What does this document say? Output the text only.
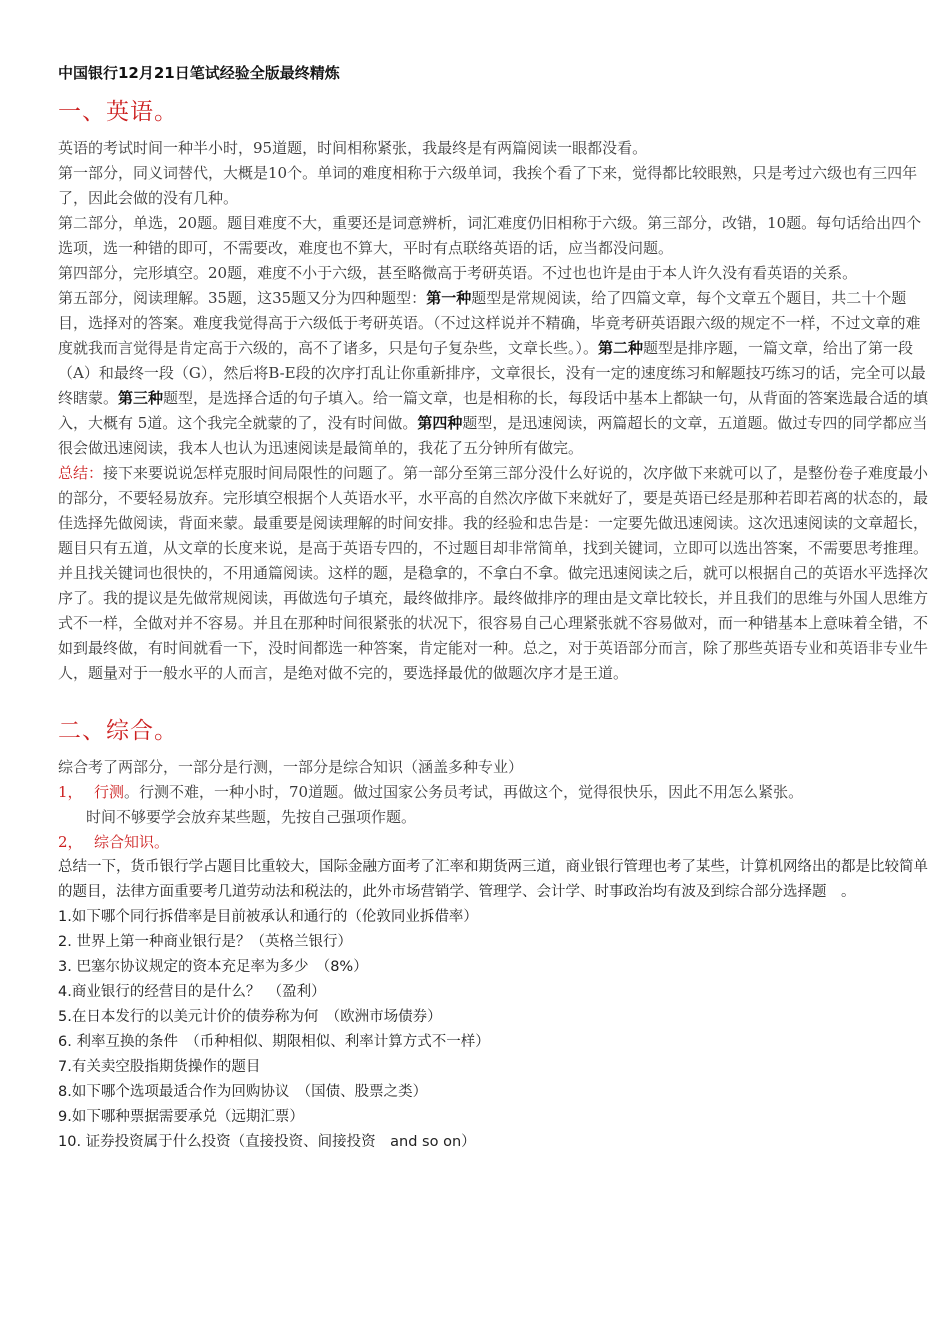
中国银行12月21日笔试经验全版最终精炼
一、英语。

英语的考试时间一种半小时，95道题，时间相称紧张，我最终是有两篇阅读一眼都没看。

第一部分，同义词替代，大概是10个。单词的难度相称于六级单词，我挨个看了下来，觉得都比较眼熟，只是考过六级也有三四年了，因此会做的没有几种。

第二部分，单选，20题。题目难度不大，重要还是词意辨析，词汇难度仍旧相称于六级。第三部分，改错，10题。每句话给出四个选项，选一种错的即可，不需要改，难度也不算大，平时有点联络英语的话，应当都没问题。

第四部分，完形填空。20题，难度不小于六级，甚至略微高于考研英语。不过也也许是由于本人许久没有看英语的关系。

第五部分，阅读理解。35题，这35题又分为四种题型：第一种题型是常规阅读，给了四篇文章，每个文章五个题目，共二十个题目，选择对的答案。难度我觉得高于六级低于考研英语。（不过这样说并不精确，毕竟考研英语跟六级的规定不一样，不过文章的难度就我而言觉得是肯定高于六级的，高不了诸多，只是句子复杂些，文章长些。）。第二种题型是排序题，一篇文章，给出了第一段（A）和最终一段（G），然后将B-E段的次序打乱让你重新排序，文章很长，没有一定的速度练习和解题技巧练习的话，完全可以最终瞎蒙。第三种题型，是选择合适的句子填入。给一篇文章，也是相称的长，每段话中基本上都缺一句，从背面的答案选最合适的填入，大概有 5道。这个我完全就蒙的了，没有时间做。第四种题型，是迅速阅读，两篇超长的文章，五道题。做过专四的同学都应当很会做迅速阅读，我本人也认为迅速阅读是最简单的，我花了五分钟所有做完。

总结：接下来要说说怎样克服时间局限性的问题了。第一部分至第三部分没什么好说的，次序做下来就可以了，是整份卷子难度最小的部分，不要轻易放弃。完形填空根据个人英语水平，水平高的自然次序做下来就好了，要是英语已经是那种若即若离的状态的，最佳选择先做阅读，背面来蒙。最重要是阅读理解的时间安排。我的经验和忠告是：一定要先做迅速阅读。这次迅速阅读的文章超长，题目只有五道，从文章的长度来说，是高于英语专四的，不过题目却非常简单，找到关键词，立即可以选出答案，不需要思考推理。并且找关键词也很快的，不用通篇阅读。这样的题，是稳拿的，不拿白不拿。做完迅速阅读之后，就可以根据自己的英语水平选择次序了。我的提议是先做常规阅读，再做选句子填充，最终做排序。最终做排序的理由是文章比较长，并且我们的思维与外国人思维方式不一样，全做对并不容易。并且在那种时间很紧张的状况下，很容易自己心理紧张就不容易做对，而一种错基本上意味着全错，不如到最终做，有时间就看一下，没时间都选一种答案，肯定能对一种。总之，对于英语部分而言，除了那些英语专业和英语非专业牛人，题量对于一般水平的人而言，是绝对做不完的，要选择最优的做题次序才是王道。

二、综合。

综合考了两部分，一部分是行测，一部分是综合知识（涵盖多种专业）

1， 行测。行测不难，一种小时，70道题。做过国家公务员考试，再做这个，觉得很快乐，因此不用怎么紧张。

时间不够要学会放弃某些题，先按自己强项作题。

2， 综合知识。

总结一下，货币银行学占题目比重较大，国际金融方面考了汇率和期货两三道，商业银行管理也考了某些，计算机网络出的都是比较简单的题目，法律方面重要考几道劳动法和税法的，此外市场营销学、管理学、会计学、时事政治均有波及到综合部分选择题　。

1.如下哪个同行拆借率是目前被承认和通行的（伦敦同业拆借率）

2. 世界上第一种商业银行是？（英格兰银行）

3. 巴塞尔协议规定的资本充足率为多少　（8%）

4.商业银行的经营目的是什么？　（盈利）

5.在日本发行的以美元计价的债券称为何　（欧洲市场债券）

6. 利率互换的条件　（币种相似、期限相似、利率计算方式不一样）

7.有关卖空股指期货操作的题目

8.如下哪个选项最适合作为回购协议　（国债、股票之类）

9.如下哪种票据需要承兑（远期汇票）

10. 证券投资属于什么投资（直接投资、间接投资　and so on）
